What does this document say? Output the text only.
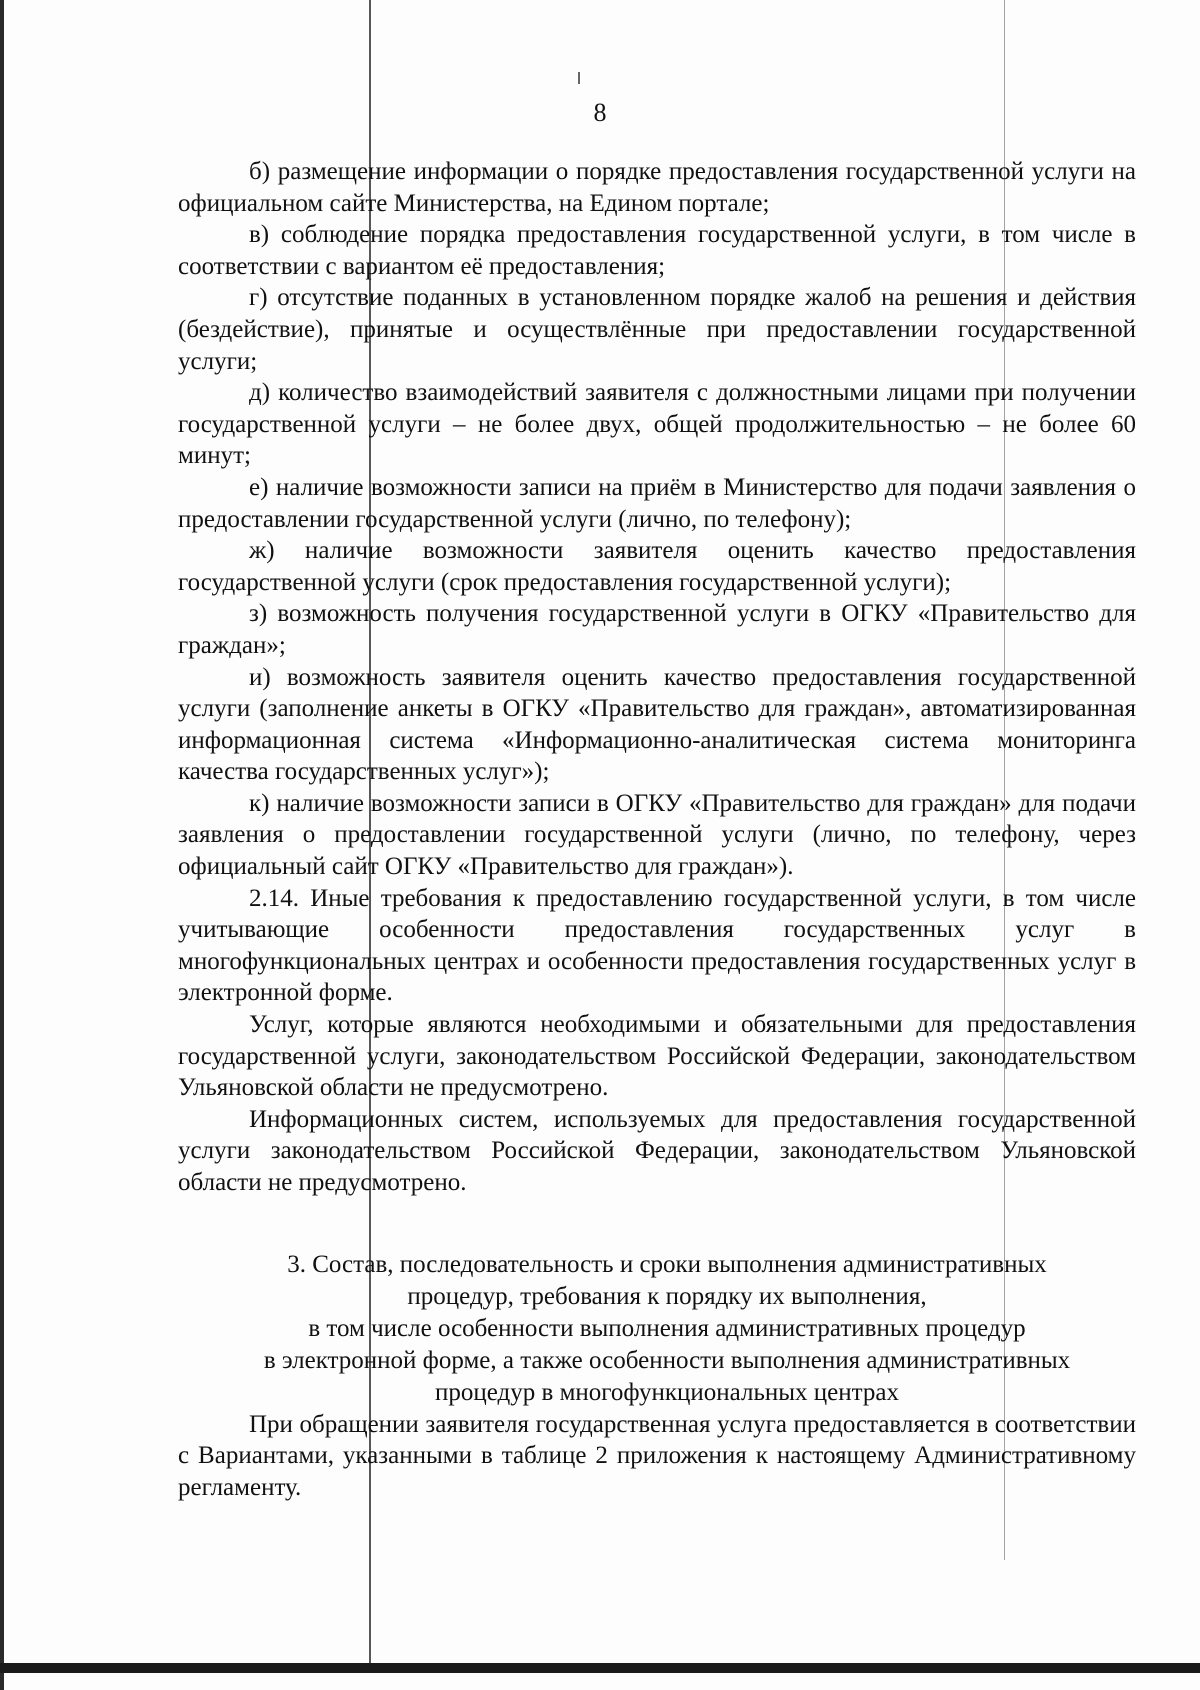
8

б) размещение информации о порядке предоставления государственной услуги на официальном сайте Министерства, на Едином портале;

в) соблюдение порядка предоставления государственной услуги, в том числе в соответствии с вариантом её предоставления;

г) отсутствие поданных в установленном порядке жалоб на решения и действия (бездействие), принятые и осуществлённые при предоставлении государственной услуги;

д) количество взаимодействий заявителя с должностными лицами при получении государственной услуги – не более двух, общей продолжительностью – не более 60 минут;

е) наличие возможности записи на приём в Министерство для подачи заявления о предоставлении государственной услуги (лично, по телефону);

ж) наличие возможности заявителя оценить качество предоставления государственной услуги (срок предоставления государственной услуги);

з) возможность получения государственной услуги в ОГКУ «Правительство для граждан»;

и) возможность заявителя оценить качество предоставления государственной услуги (заполнение анкеты в ОГКУ «Правительство для граждан», автоматизированная информационная система «Информационно-аналитическая система мониторинга качества государственных услуг»);

к) наличие возможности записи в ОГКУ «Правительство для граждан» для подачи заявления о предоставлении государственной услуги (лично, по телефону, через официальный сайт ОГКУ «Правительство для граждан»).

2.14. Иные требования к предоставлению государственной услуги, в том числе учитывающие особенности предоставления государственных услуг в многофункциональных центрах и особенности предоставления государственных услуг в электронной форме.

Услуг, которые являются необходимыми и обязательными для предоставления государственной услуги, законодательством Российской Федерации, законодательством Ульяновской области не предусмотрено.

Информационных систем, используемых для предоставления государственной услуги законодательством Российской Федерации, законодательством Ульяновской области не предусмотрено.

3. Состав, последовательность и сроки выполнения административных
процедур, требования к порядку их выполнения,
в том числе особенности выполнения административных процедур
в электронной форме, а также особенности выполнения административных
процедур в многофункциональных центрах

При обращении заявителя государственная услуга предоставляется в соответствии с Вариантами, указанными в таблице 2 приложения к настоящему Административному регламенту.
